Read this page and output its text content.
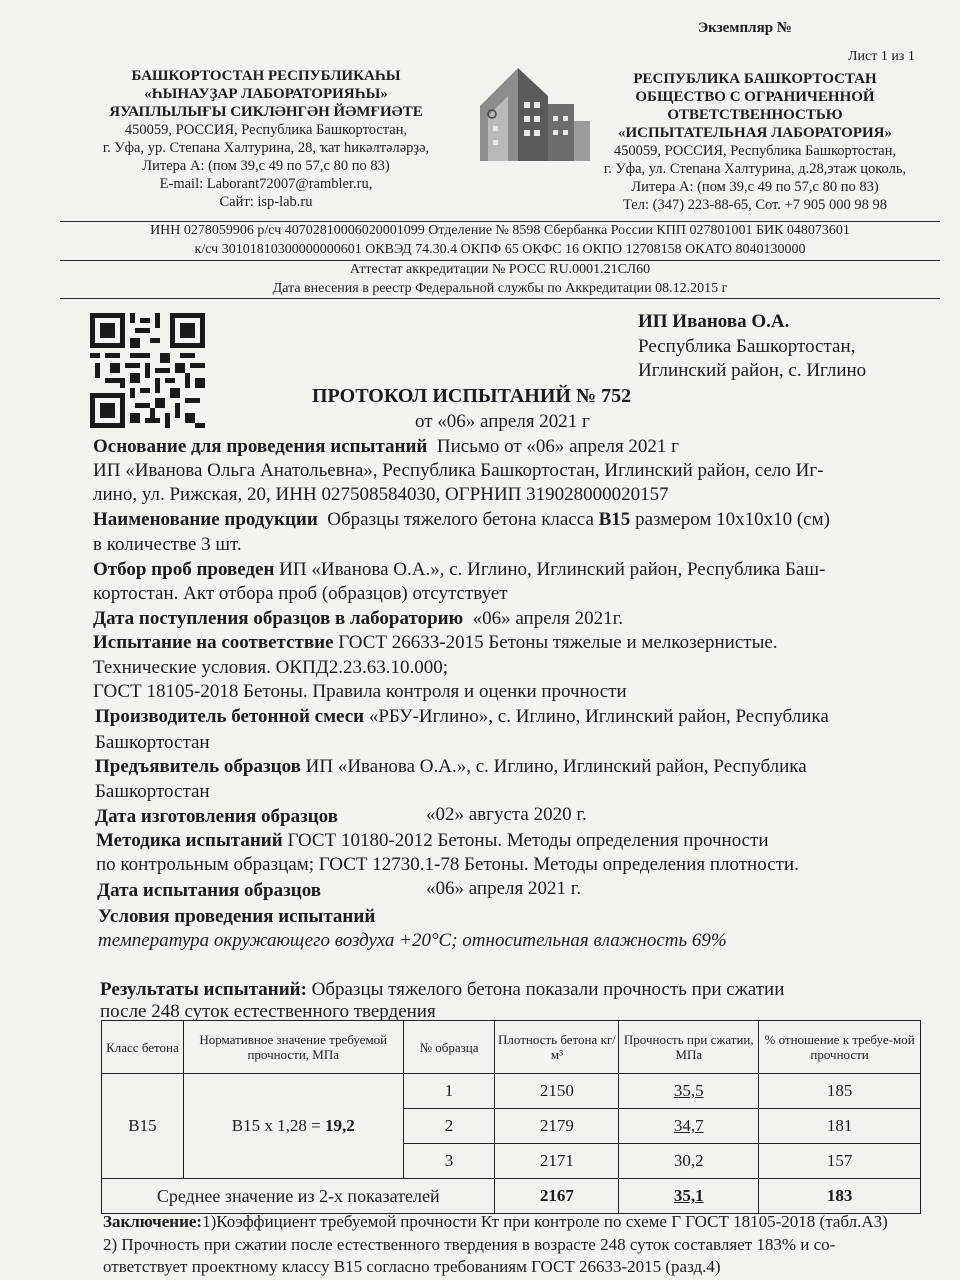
Экземпляр №
Лист 1 из 1
БАШКОРТОСТАН РЕСПУБЛИКАҺЫ
«ҺЫНАУҘАР ЛАБОРАТОРИЯҺЫ»
ЯУАПЛЫЛЫҒЫ СИКЛӘНГӘН ЙӘМҒИӘТЕ
450059, РОССИЯ, Республика Башкортостан,
г. Уфа, ур. Степана Халтурина, 28, ҡат һикәлтәләрҙә,
Литера А: (пом 39,с 49 по 57,с 80 по 83)
E-mail: Laborant72007@rambler.ru,
Сайт: isp-lab.ru
РЕСПУБЛИКА БАШКОРТОСТАН
ОБЩЕСТВО С ОГРАНИЧЕННОЙ
ОТВЕТСТВЕННОСТЬЮ
«ИСПЫТАТЕЛЬНАЯ ЛАБОРАТОРИЯ»
450059, РОССИЯ, Республика Башкортостан,
г. Уфа, ул. Степана Халтурина, д.28,этаж цоколь,
Литера А: (пом 39,с 49 по 57,с 80 по 83)
Тел: (347) 223-88-65, Сот. +7 905 000 98 98
ИНН 0278059906 р/сч 40702810006020001099 Отделение № 8598 Сбербанка России КПП 027801001 БИК 048073601
к/сч 30101810300000000601 ОКВЭД 74.30.4 ОКПФ 65 ОКФС 16 ОКПО 12708158 ОКАТО 8040130000
Аттестат аккредитации № РОСС RU.0001.21СЛ60
Дата внесения в реестр Федеральной службы по Аккредитации 08.12.2015 г
ИП Иванова О.А.
Республика Башкортостан,
Иглинский район, с. Иглино
ПРОТОКОЛ ИСПЫТАНИЙ № 752
от «06» апреля 2021 г
Основание для проведения испытаний Письмо от «06» апреля 2021 г
ИП «Иванова Ольга Анатольевна», Республика Башкортостан, Иглинский район, село Иг-
лино, ул. Рижская, 20, ИНН 027508584030, ОГРНИП 319028000020157
Наименование продукции Образцы тяжелого бетона класса B15 размером 10х10х10 (см)
в количестве 3 шт.
Отбор проб проведен ИП «Иванова О.А.», с. Иглино, Иглинский район, Республика Баш-
кортостан. Акт отбора проб (образцов) отсутствует
Дата поступления образцов в лабораторию «06» апреля 2021г.
Испытание на соответствие ГОСТ 26633-2015 Бетоны тяжелые и мелкозернистые.
Технические условия. ОКПД2.23.63.10.000;
ГОСТ 18105-2018 Бетоны. Правила контроля и оценки прочности
Производитель бетонной смеси «РБУ-Иглино», с. Иглино, Иглинский район, Республика
Башкортостан
Предъявитель образцов ИП «Иванова О.А.», с. Иглино, Иглинский район, Республика
Башкортостан
Дата изготовления образцов	«02» августа 2020 г.
Методика испытаний ГОСТ 10180-2012 Бетоны. Методы определения прочности
по контрольным образцам; ГОСТ 12730.1-78 Бетоны. Методы определения плотности.
Дата испытания образцов	«06» апреля 2021 г.
Условия проведения испытаний
температура окружающего воздуха +20°С; относительная влажность 69%
Результаты испытаний: Образцы тяжелого бетона показали прочность при сжатии
после 248 суток естественного твердения
Класс бетона	Нормативное значение требуемой прочности, МПа	№ образца	Плотность бетона кг/м³	Прочность при сжатии, МПа	% отношение к требуе-мой прочности
B15	B15 x 1,28 = 19,2	1	2150	35,5	185
		2	2179	34,7	181
		3	2171	30,2	157
Среднее значение из 2-х показателей			2167	35,1	183
Заключение:1)Коэффициент требуемой прочности Кт при контроле по схеме Г ГОСТ 18105-2018 (табл.А3)
2) Прочность при сжатии после естественного твердения в возрасте 248 суток составляет 183% и со-
ответствует проектному классу B15 согласно требованиям ГОСТ 26633-2015 (разд.4)
